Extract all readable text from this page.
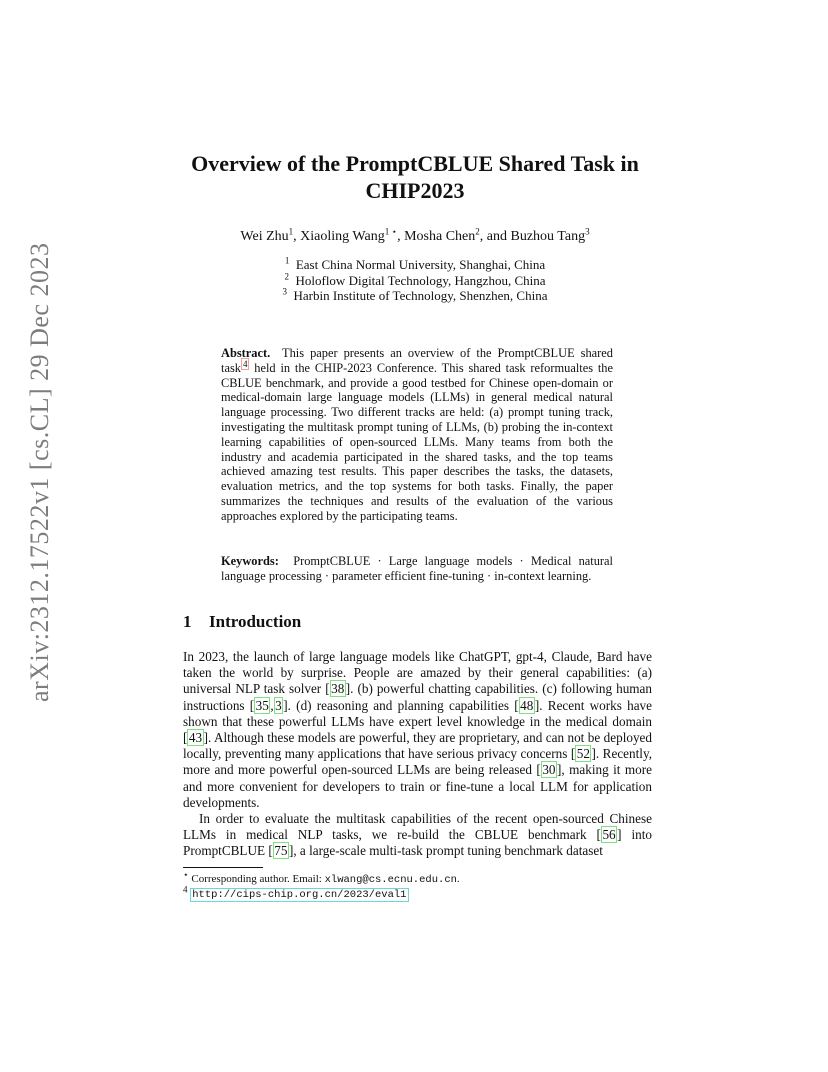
arXiv:2312.17522v1 [cs.CL] 29 Dec 2023
Overview of the PromptCBLUE Shared Task in CHIP2023
Wei Zhu$^1$, Xiaoling Wang$^{1 ⋆}$, Mosha Chen$^2$, and Buzhou Tang$^3$
$^1$ East China Normal University, Shanghai, China
$^2$ Holoflow Digital Technology, Hangzhou, China
$^3$ Harbin Institute of Technology, Shenzhen, China
Abstract. This paper presents an overview of the PromptCBLUE shared task $^4$ held in the CHIP-2023 Conference. This shared task reformualtes the CBLUE benchmark, and provide a good testbed for Chinese open-domain or medical-domain large language models (LLMs) in general medical natural language processing. Two different tracks are held: (a) prompt tuning track, investigating the multitask prompt tuning of LLMs, (b) probing the in-context learning capabilities of open-sourced LLMs. Many teams from both the industry and academia participated in the shared tasks, and the top teams achieved amazing test results. This paper describes the tasks, the datasets, evaluation metrics, and the top systems for both tasks. Finally, the paper summarizes the techniques and results of the evaluation of the various approaches explored by the participating teams.
Keywords: PromptCBLUE · Large language models · Medical natural language processing · parameter efficient fine-tuning · in-context learning.
1 Introduction

In 2023, the launch of large language models like ChatGPT, gpt-4, Claude, Bard have taken the world by surprise. People are amazed by their general capabilities: (a) universal NLP task solver [ 38 ]. (b) powerful chatting capabilities. (c) following human instructions [ 35 , 3 ]. (d) reasoning and planning capabilities [ 48 ]. Recent works have shown that these powerful LLMs have expert level knowledge in the medical domain [ 43 ]. Although these models are powerful, they are proprietary, and can not be deployed locally, preventing many applications that have serious privacy concerns [ 52 ]. Recently, more and more powerful open-sourced LLMs are being released [ 30 ], making it more and more convenient for developers to train or fine-tune a local LLM for application developments.

In order to evaluate the multitask capabilities of the recent open-sourced Chinese LLMs in medical NLP tasks, we re-build the CBLUE benchmark [ 56 ] into PromptCBLUE [ 75 ], a large-scale multi-task prompt tuning benchmark dataset

⋆ Corresponding author. Email: xlwang@cs.ecnu.edu.cn.
$^4$ http://cips-chip.org.cn/2023/eval1
